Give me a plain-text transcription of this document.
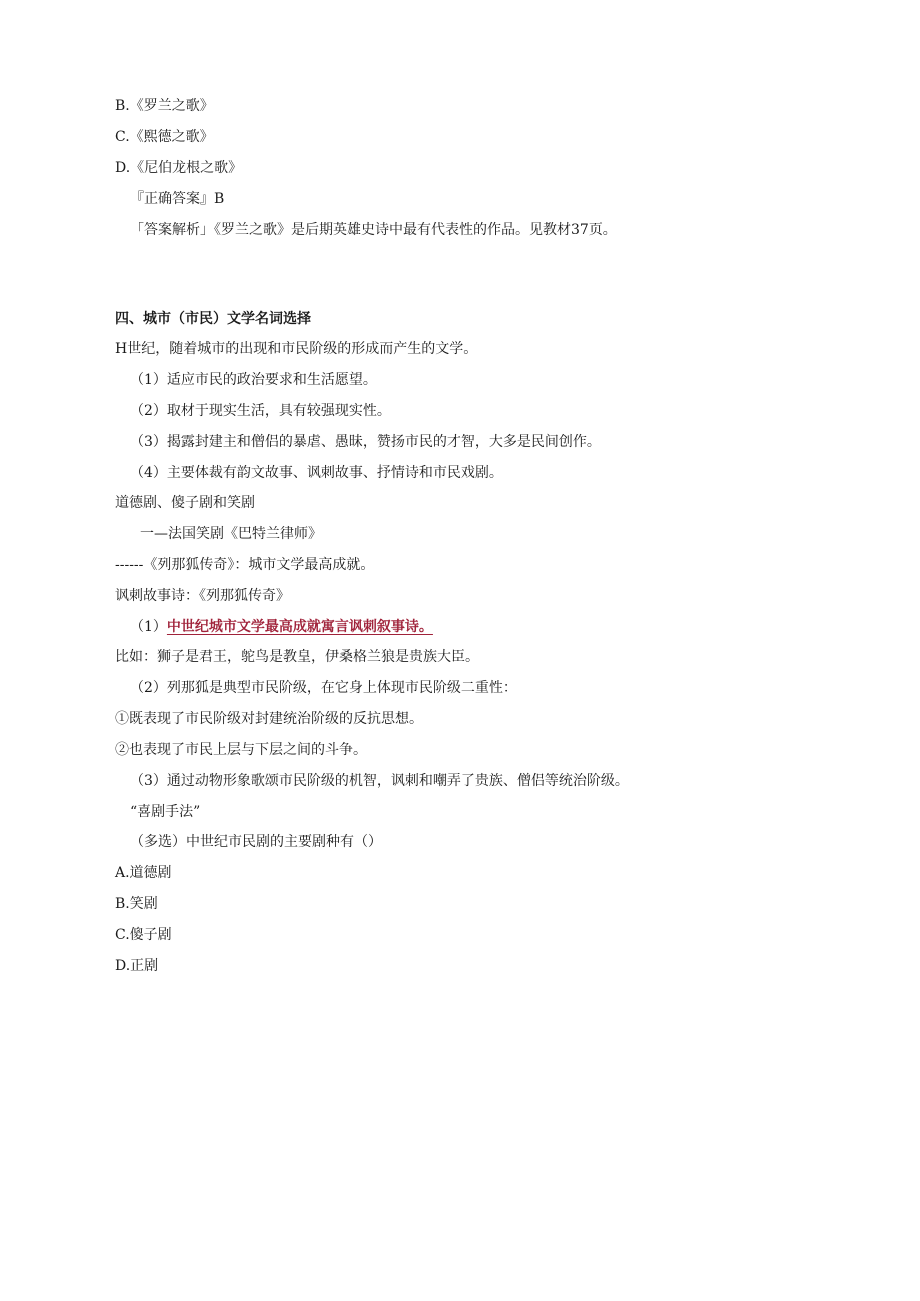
B.《罗兰之歌》
C.《熙德之歌》
D.《尼伯龙根之歌》
『正确答案』B
「答案解析」《罗兰之歌》是后期英雄史诗中最有代表性的作品。见教材37页。
四、城市（市民）文学名词选择
H世纪，随着城市的出现和市民阶级的形成而产生的文学。
（1）适应市民的政治要求和生活愿望。
（2）取材于现实生活，具有较强现实性。
（3）揭露封建主和僧侣的暴虐、愚昧，赞扬市民的才智，大多是民间创作。
（4）主要体裁有韵文故事、讽刺故事、抒情诗和市民戏剧。
道德剧、傻子剧和笑剧
一—法国笑剧《巴特兰律师》
------《列那狐传奇》：城市文学最高成就。
讽刺故事诗：《列那狐传奇》
（1）中世纪城市文学最高成就寓言讽刺叙事诗。
比如：狮子是君王，鸵鸟是教皇，伊桑格兰狼是贵族大臣。
（2）列那狐是典型市民阶级，在它身上体现市民阶级二重性：
①既表现了市民阶级对封建统治阶级的反抗思想。
②也表现了市民上层与下层之间的斗争。
（3）通过动物形象歌颂市民阶级的机智，讽刺和嘲弄了贵族、僧侣等统治阶级。
“喜剧手法”
（多选）中世纪市民剧的主要剧种有（）
A.道德剧
B.笑剧
C.傻子剧
D.正剧
